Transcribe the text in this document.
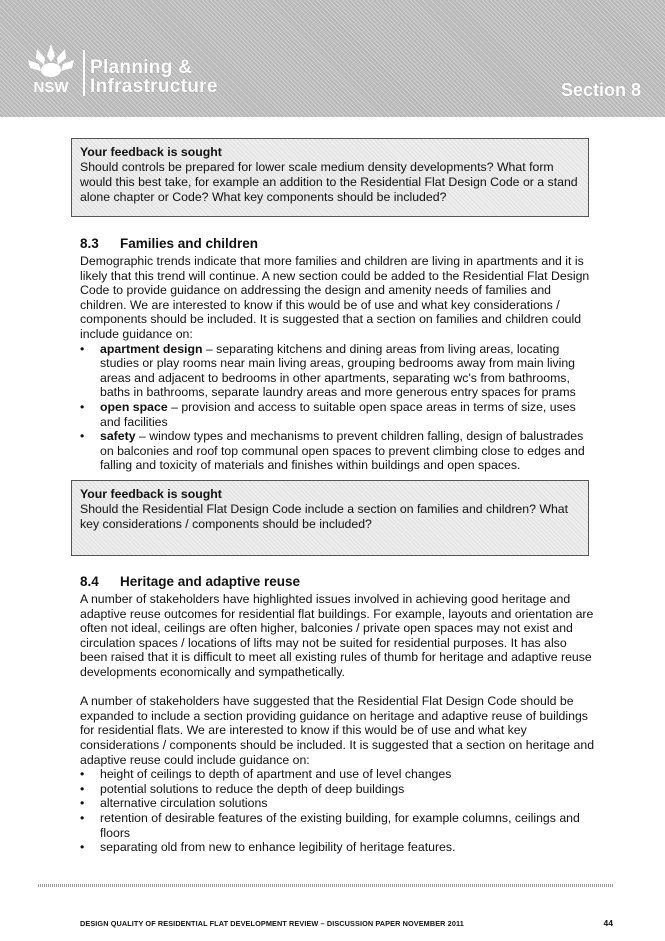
NSW
Planning &
Infrastructure	Section 8
Your feedback is sought
Should controls be prepared for lower scale medium density developments? What form would this best take, for example an addition to the Residential Flat Design Code or a stand alone chapter or Code? What key components should be included?
8.3 Families and children

Demographic trends indicate that more families and children are living in apartments and it is likely that this trend will continue. A new section could be added to the Residential Flat Design Code to provide guidance on addressing the design and amenity needs of families and children. We are interested to know if this would be of use and what key considerations / components should be included. It is suggested that a section on families and children could include guidance on:

• apartment design – separating kitchens and dining areas from living areas, locating studies or play rooms near main living areas, grouping bedrooms away from main living areas and adjacent to bedrooms in other apartments, separating wc's from bathrooms, baths in bathrooms, separate laundry areas and more generous entry spaces for prams
• open space – provision and access to suitable open space areas in terms of size, uses and facilities
• safety – window types and mechanisms to prevent children falling, design of balustrades on balconies and roof top communal open spaces to prevent climbing close to edges and falling and toxicity of materials and finishes within buildings and open spaces.
Your feedback is sought
Should the Residential Flat Design Code include a section on families and children? What key considerations / components should be included?
8.4 Heritage and adaptive reuse

A number of stakeholders have highlighted issues involved in achieving good heritage and adaptive reuse outcomes for residential flat buildings. For example, layouts and orientation are often not ideal, ceilings are often higher, balconies / private open spaces may not exist and circulation spaces / locations of lifts may not be suited for residential purposes. It has also been raised that it is difficult to meet all existing rules of thumb for heritage and adaptive reuse developments economically and sympathetically.

A number of stakeholders have suggested that the Residential Flat Design Code should be expanded to include a section providing guidance on heritage and adaptive reuse of buildings for residential flats. We are interested to know if this would be of use and what key considerations / components should be included. It is suggested that a section on heritage and adaptive reuse could include guidance on:

• height of ceilings to depth of apartment and use of level changes
• potential solutions to reduce the depth of deep buildings
• alternative circulation solutions
• retention of desirable features of the existing building, for example columns, ceilings and floors
• separating old from new to enhance legibility of heritage features.
DESIGN QUALITY OF RESIDENTIAL FLAT DEVELOPMENT REVIEW – DISCUSSION PAPER NOVEMBER 2011	44
